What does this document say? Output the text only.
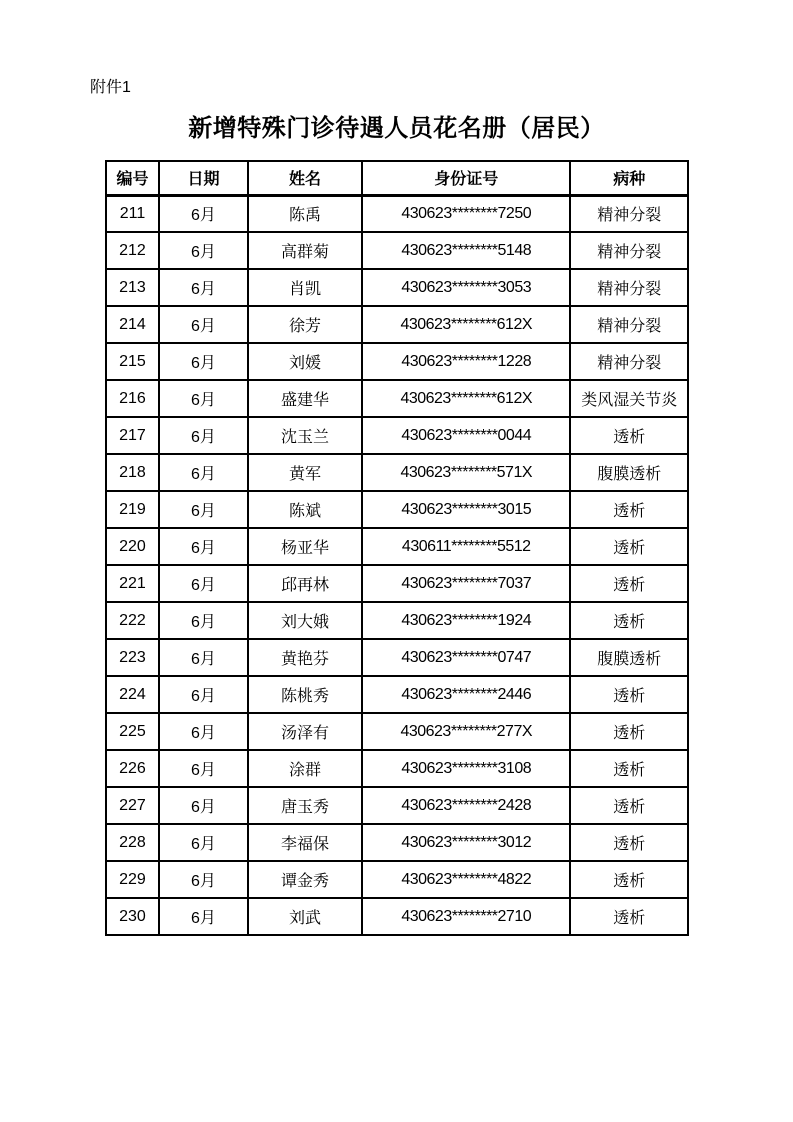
附件1
新增特殊门诊待遇人员花名册（居民）
编号	日期	姓名	身份证号	病种
211	6月	陈禹	430623********7250	精神分裂
212	6月	高群菊	430623********5148	精神分裂
213	6月	肖凯	430623********3053	精神分裂
214	6月	徐芳	430623********612X	精神分裂
215	6月	刘媛	430623********1228	精神分裂
216	6月	盛建华	430623********612X	类风湿关节炎
217	6月	沈玉兰	430623********0044	透析
218	6月	黄军	430623********571X	腹膜透析
219	6月	陈斌	430623********3015	透析
220	6月	杨亚华	430611********5512	透析
221	6月	邱再林	430623********7037	透析
222	6月	刘大娥	430623********1924	透析
223	6月	黄艳芬	430623********0747	腹膜透析
224	6月	陈桃秀	430623********2446	透析
225	6月	汤泽有	430623********277X	透析
226	6月	涂群	430623********3108	透析
227	6月	唐玉秀	430623********2428	透析
228	6月	李福保	430623********3012	透析
229	6月	谭金秀	430623********4822	透析
230	6月	刘武	430623********2710	透析
